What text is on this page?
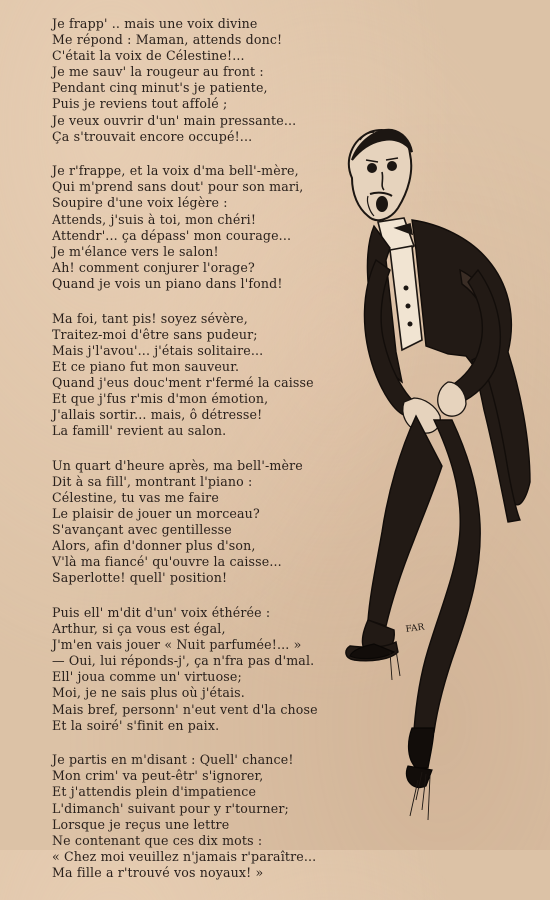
Je frapp' .. mais une voix divine
Me répond : Maman, attends donc!
C'était la voix de Célestine!...
Je me sauv' la rougeur au front :
Pendant cinq minut's je patiente,
Puis je reviens tout affolé ;
Je veux ouvrir d'un' main pressante...
Ça s'trouvait encore occupé!...
Je r'frappe, et la voix d'ma bell'-mère,
Qui m'prend sans dout' pour son mari,
Soupire d'une voix légère :
Attends, j'suis à toi, mon chéri!
Attendr'... ça dépass' mon courage...
Je m'élance vers le salon!
Ah! comment conjurer l'orage?
Quand je vois un piano dans l'fond!
Ma foi, tant pis! soyez sévère,
Traitez-moi d'être sans pudeur;
Mais j'l'avou'... j'étais solitaire...
Et ce piano fut mon sauveur.
Quand j'eus douc'ment r'fermé la caisse
Et que j'fus r'mis d'mon émotion,
J'allais sortir... mais, ô détresse!
La famill' revient au salon.
Un quart d'heure après, ma bell'-mère
Dit à sa fill', montrant l'piano :
Célestine, tu vas me faire
Le plaisir de jouer un morceau?
S'avançant avec gentillesse
Alors, afin d'donner plus d'son,
V'là ma fiancé' qu'ouvre la caisse...
Saperlotte! quell' position!
Puis ell' m'dit d'un' voix éthérée :
Arthur, si ça vous est égal,
J'm'en vais jouer « Nuit parfumée!... »
— Oui, lui réponds-j', ça n'fra pas d'mal.
Ell' joua comme un' virtuose;
Moi, je ne sais plus où j'étais.
Mais bref, personn' n'eut vent d'la chose
Et la soiré' s'finit en paix.
Je partis en m'disant : Quell' chance!
Mon crim' va peut-êtr' s'ignorer,
Et j'attendis plein d'impatience
L'dimanch' suivant pour y r'tourner;
Lorsque je reçus une lettre
Ne contenant que ces dix mots :
« Chez moi veuillez n'jamais r'paraître...
Ma fille a r'trouvé vos noyaux! »
FAR
